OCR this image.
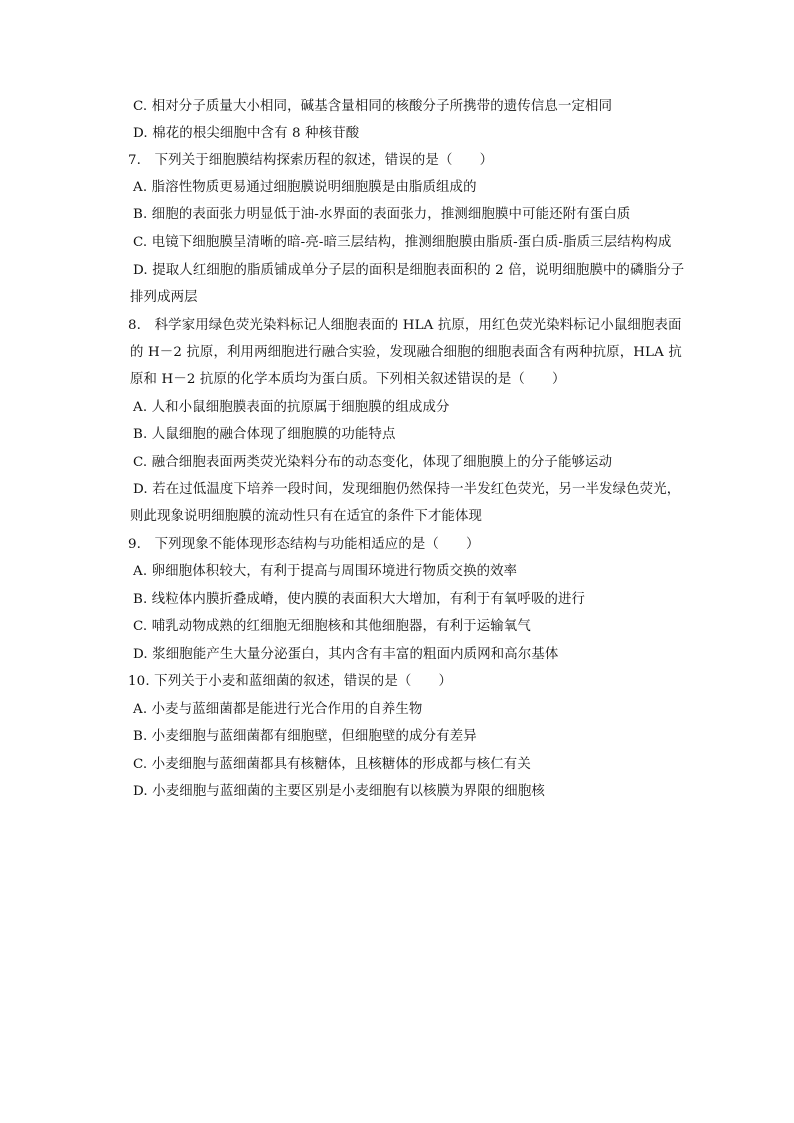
C. 相对分子质量大小相同，碱基含量相同的核酸分子所携带的遗传信息一定相同
D. 棉花的根尖细胞中含有 8 种核苷酸
7.　下列关于细胞膜结构探索历程的叙述，错误的是（　　）
A. 脂溶性物质更易通过细胞膜说明细胞膜是由脂质组成的
B. 细胞的表面张力明显低于油-水界面的表面张力，推测细胞膜中可能还附有蛋白质
C. 电镜下细胞膜呈清晰的暗-亮-暗三层结构，推测细胞膜由脂质-蛋白质-脂质三层结构构成
D. 提取人红细胞的脂质铺成单分子层的面积是细胞表面积的 2 倍，说明细胞膜中的磷脂分子
排列成两层
8.　科学家用绿色荧光染料标记人细胞表面的 HLA 抗原，用红色荧光染料标记小鼠细胞表面
的 H－2 抗原，利用两细胞进行融合实验，发现融合细胞的细胞表面含有两种抗原，HLA 抗
原和 H－2 抗原的化学本质均为蛋白质。下列相关叙述错误的是（　　）
A. 人和小鼠细胞膜表面的抗原属于细胞膜的组成成分
B. 人鼠细胞的融合体现了细胞膜的功能特点
C. 融合细胞表面两类荧光染料分布的动态变化，体现了细胞膜上的分子能够运动
D. 若在过低温度下培养一段时间，发现细胞仍然保持一半发红色荧光，另一半发绿色荧光，
则此现象说明细胞膜的流动性只有在适宜的条件下才能体现
9.　下列现象不能体现形态结构与功能相适应的是（　　）
A. 卵细胞体积较大，有利于提高与周围环境进行物质交换的效率
B. 线粒体内膜折叠成嵴，使内膜的表面积大大增加，有利于有氧呼吸的进行
C. 哺乳动物成熟的红细胞无细胞核和其他细胞器，有利于运输氧气
D. 浆细胞能产生大量分泌蛋白，其内含有丰富的粗面内质网和高尔基体
10. 下列关于小麦和蓝细菌的叙述，错误的是（　　）
A. 小麦与蓝细菌都是能进行光合作用的自养生物
B. 小麦细胞与蓝细菌都有细胞壁，但细胞壁的成分有差异
C. 小麦细胞与蓝细菌都具有核糖体，且核糖体的形成都与核仁有关
D. 小麦细胞与蓝细菌的主要区别是小麦细胞有以核膜为界限的细胞核
